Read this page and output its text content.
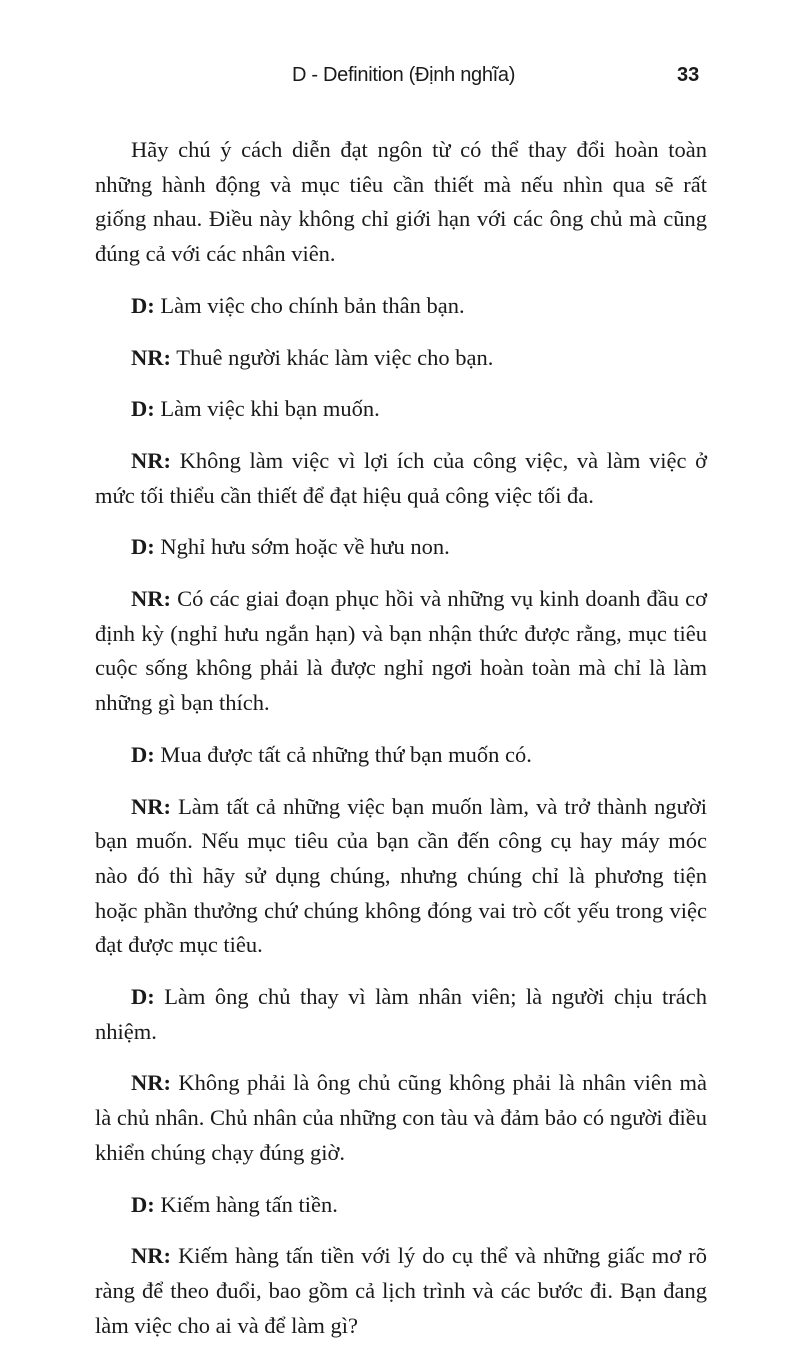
D - Definition (Định nghĩa)	33

Hãy chú ý cách diễn đạt ngôn từ có thể thay đổi hoàn toàn những hành động và mục tiêu cần thiết mà nếu nhìn qua sẽ rất giống nhau. Điều này không chỉ giới hạn với các ông chủ mà cũng đúng cả với các nhân viên.

D: Làm việc cho chính bản thân bạn.

NR: Thuê người khác làm việc cho bạn.

D: Làm việc khi bạn muốn.

NR: Không làm việc vì lợi ích của công việc, và làm việc ở mức tối thiểu cần thiết để đạt hiệu quả công việc tối đa.

D: Nghỉ hưu sớm hoặc về hưu non.

NR: Có các giai đoạn phục hồi và những vụ kinh doanh đầu cơ định kỳ (nghỉ hưu ngắn hạn) và bạn nhận thức được rằng, mục tiêu cuộc sống không phải là được nghỉ ngơi hoàn toàn mà chỉ là làm những gì bạn thích.

D: Mua được tất cả những thứ bạn muốn có.

NR: Làm tất cả những việc bạn muốn làm, và trở thành người bạn muốn. Nếu mục tiêu của bạn cần đến công cụ hay máy móc nào đó thì hãy sử dụng chúng, nhưng chúng chỉ là phương tiện hoặc phần thưởng chứ chúng không đóng vai trò cốt yếu trong việc đạt được mục tiêu.

D: Làm ông chủ thay vì làm nhân viên; là người chịu trách nhiệm.

NR: Không phải là ông chủ cũng không phải là nhân viên mà là chủ nhân. Chủ nhân của những con tàu và đảm bảo có người điều khiển chúng chạy đúng giờ.

D: Kiếm hàng tấn tiền.

NR: Kiếm hàng tấn tiền với lý do cụ thể và những giấc mơ rõ ràng để theo đuổi, bao gồm cả lịch trình và các bước đi. Bạn đang làm việc cho ai và để làm gì?
